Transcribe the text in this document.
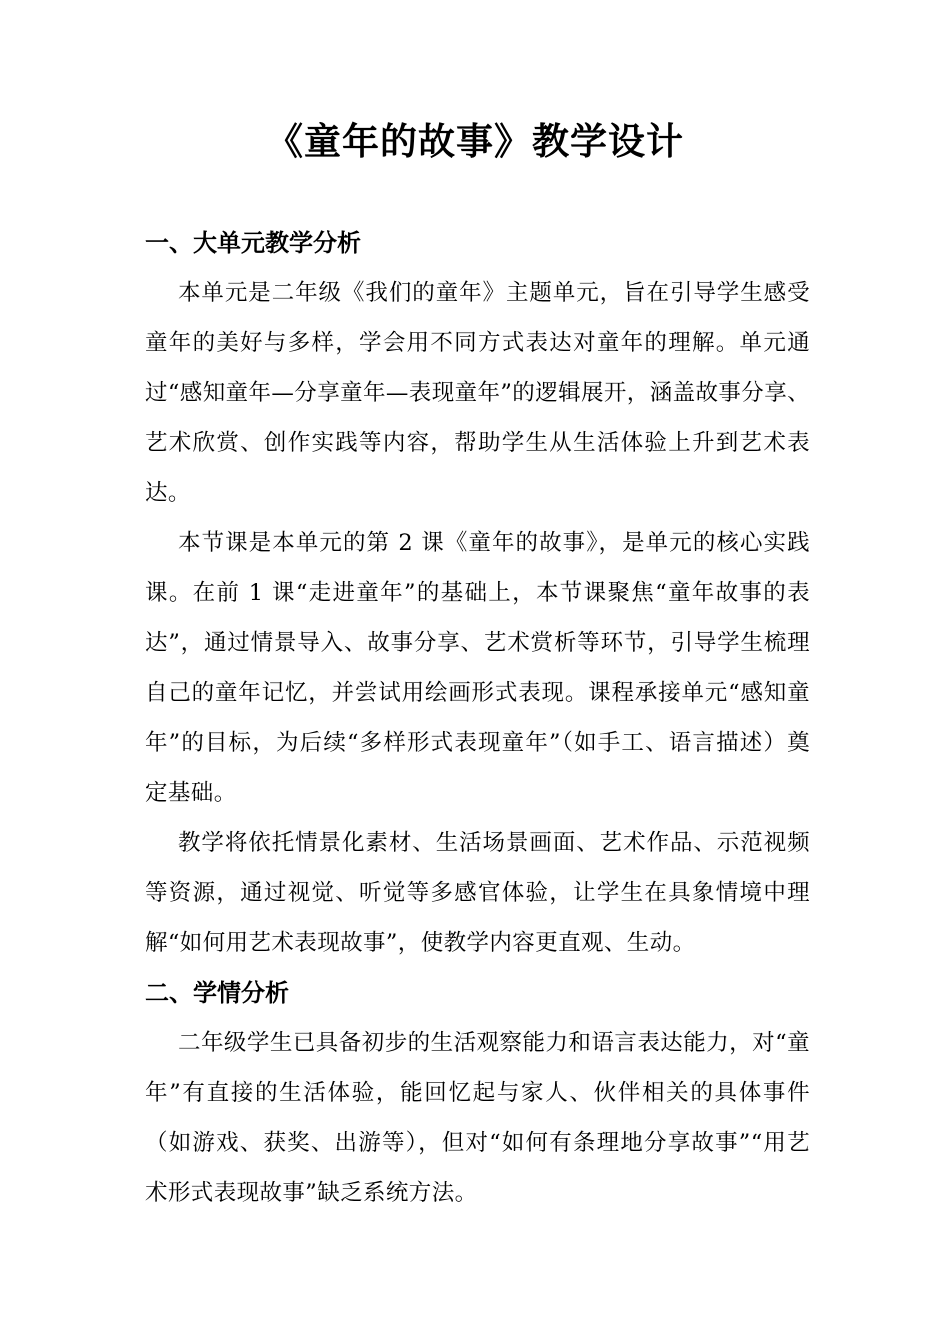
《童年的故事》教学设计
一、大单元教学分析

本单元是二年级《我们的童年》主题单元，旨在引导学生感受童年的美好与多样，学会用不同方式表达对童年的理解。单元通过“感知童年—分享童年—表现童年”的逻辑展开，涵盖故事分享、艺术欣赏、创作实践等内容，帮助学生从生活体验上升到艺术表达。

本节课是本单元的第 2 课《童年的故事》，是单元的核心实践课。在前 1 课“走进童年”的基础上，本节课聚焦“童年故事的表达”，通过情景导入、故事分享、艺术赏析等环节，引导学生梳理自己的童年记忆，并尝试用绘画形式表现。课程承接单元“感知童年”的目标，为后续“多样形式表现童年”（如手工、语言描述）奠定基础。

教学将依托情景化素材、生活场景画面、艺术作品、示范视频等资源，通过视觉、听觉等多感官体验，让学生在具象情境中理解“如何用艺术表现故事”，使教学内容更直观、生动。

二、学情分析

二年级学生已具备初步的生活观察能力和语言表达能力，对“童年”有直接的生活体验，能回忆起与家人、伙伴相关的具体事件（如游戏、获奖、出游等），但对“如何有条理地分享故事”“用艺术形式表现故事”缺乏系统方法。
